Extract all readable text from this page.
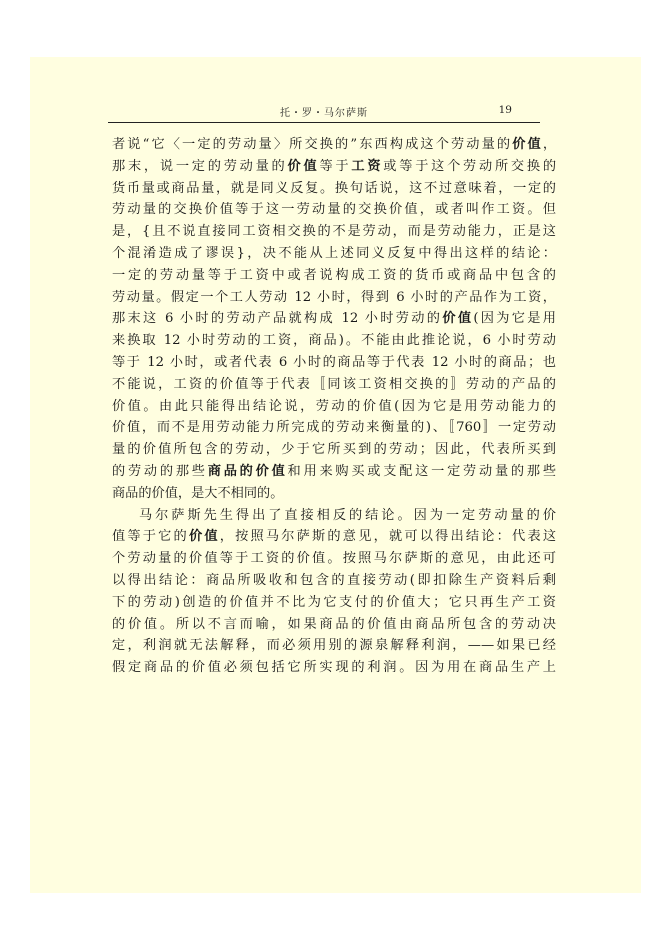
托・罗・马尔萨斯	19
者说“它〈一定的劳动量〉所交换的”东西构成这个劳动量的价值，
那末，说一定的劳动量的价值等于工资或等于这个劳动所交换的
货币量或商品量，就是同义反复。换句话说，这不过意味着，一定的
劳动量的交换价值等于这一劳动量的交换价值，或者叫作工资。但
是，{且不说直接同工资相交换的不是劳动，而是劳动能力，正是这
个混淆造成了谬误}，决不能从上述同义反复中得出这样的结论：
一定的劳动量等于工资中或者说构成工资的货币或商品中包含的
劳动量。假定一个工人劳动 12 小时，得到 6 小时的产品作为工资，
那末这 6 小时的劳动产品就构成 12 小时劳动的价值(因为它是用
来换取 12 小时劳动的工资，商品)。不能由此推论说，6 小时劳动
等于 12 小时，或者代表 6 小时的商品等于代表 12 小时的商品；也
不能说，工资的价值等于代表〚同该工资相交换的〛劳动的产品的
价值。由此只能得出结论说，劳动的价值(因为它是用劳动能力的
价值，而不是用劳动能力所完成的劳动来衡量的)、〚760〛一定劳动
量的价值所包含的劳动，少于它所买到的劳动；因此，代表所买到
的劳动的那些商品的价值和用来购买或支配这一定劳动量的那些
商品的价值，是大不相同的。
马尔萨斯先生得出了直接相反的结论。因为一定劳动量的价
值等于它的价值，按照马尔萨斯的意见，就可以得出结论：代表这
个劳动量的价值等于工资的价值。按照马尔萨斯的意见，由此还可
以得出结论：商品所吸收和包含的直接劳动(即扣除生产资料后剩
下的劳动)创造的价值并不比为它支付的价值大；它只再生产工资
的价值。所以不言而喻，如果商品的价值由商品所包含的劳动决
定，利润就无法解释，而必须用别的源泉解释利润，——如果已经
假定商品的价值必须包括它所实现的利润。因为用在商品生产上
